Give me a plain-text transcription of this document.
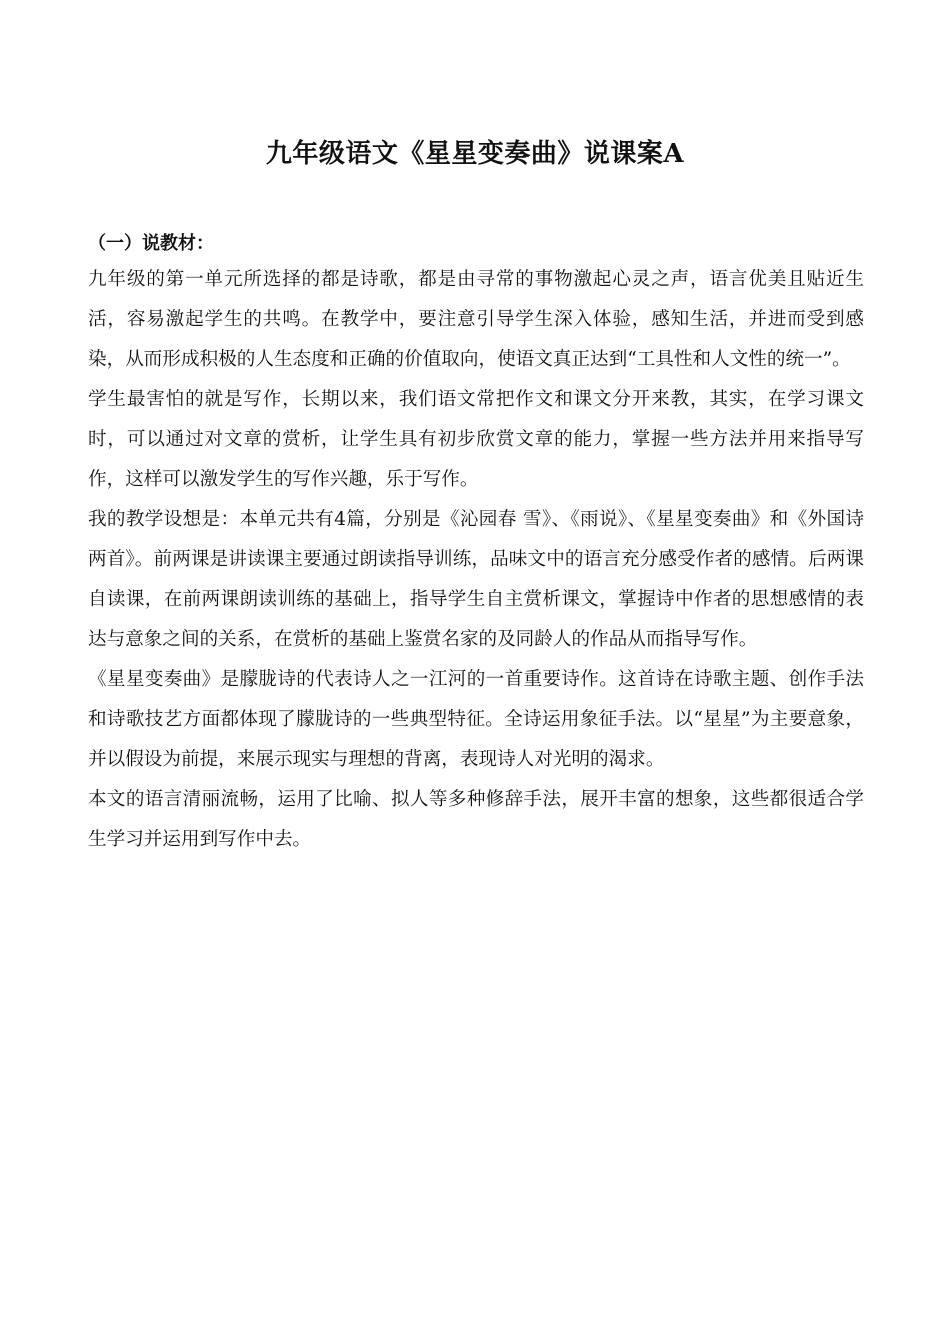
九年级语文《星星变奏曲》说课案A

（一）说教材：

九年级的第一单元所选择的都是诗歌，都是由寻常的事物激起心灵之声，语言优美且贴近生活，容易激起学生的共鸣。在教学中，要注意引导学生深入体验，感知生活，并进而受到感染，从而形成积极的人生态度和正确的价值取向，使语文真正达到“工具性和人文性的统一”。

学生最害怕的就是写作，长期以来，我们语文常把作文和课文分开来教，其实，在学习课文时，可以通过对文章的赏析，让学生具有初步欣赏文章的能力，掌握一些方法并用来指导写作，这样可以激发学生的写作兴趣，乐于写作。

我的教学设想是：本单元共有4篇，分别是《沁园春 雪》、《雨说》、《星星变奏曲》和《外国诗两首》。前两课是讲读课主要通过朗读指导训练，品味文中的语言充分感受作者的感情。后两课自读课，在前两课朗读训练的基础上，指导学生自主赏析课文，掌握诗中作者的思想感情的表达与意象之间的关系，在赏析的基础上鉴赏名家的及同龄人的作品从而指导写作。

《星星变奏曲》是朦胧诗的代表诗人之一江河的一首重要诗作。这首诗在诗歌主题、创作手法和诗歌技艺方面都体现了朦胧诗的一些典型特征。全诗运用象征手法。以“星星”为主要意象，并以假设为前提，来展示现实与理想的背离，表现诗人对光明的渴求。

本文的语言清丽流畅，运用了比喻、拟人等多种修辞手法，展开丰富的想象，这些都很适合学生学习并运用到写作中去。
